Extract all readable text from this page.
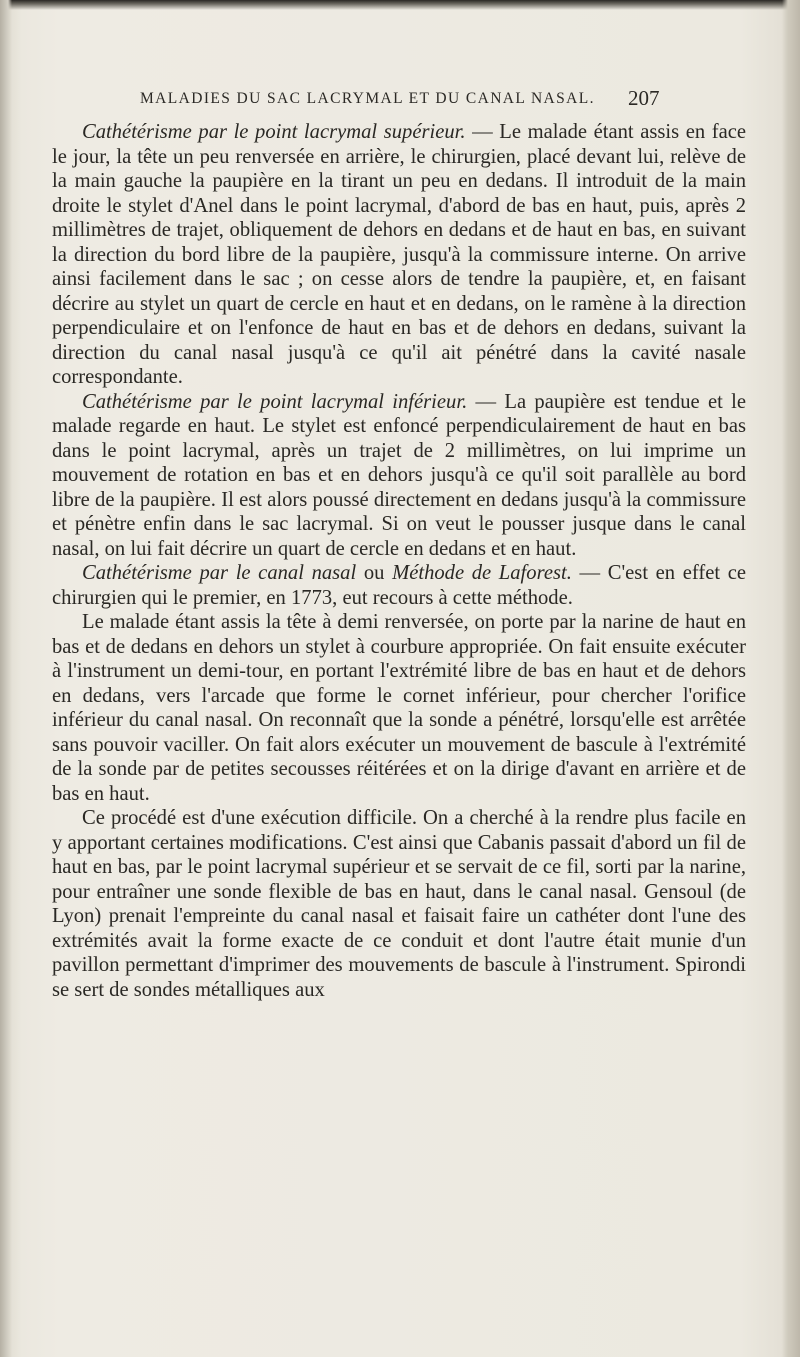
MALADIES DU SAC LACRYMAL ET DU CANAL NASAL. 207

Cathétérisme par le point lacrymal supérieur. — Le malade étant assis en face le jour, la tête un peu renversée en arrière, le chirurgien, placé devant lui, relève de la main gauche la paupière en la tirant un peu en dedans. Il introduit de la main droite le stylet d'Anel dans le point lacrymal, d'abord de bas en haut, puis, après 2 millimètres de trajet, obliquement de dehors en dedans et de haut en bas, en suivant la direction du bord libre de la paupière, jusqu'à la commissure interne. On arrive ainsi facilement dans le sac ; on cesse alors de tendre la paupière, et, en faisant décrire au stylet un quart de cercle en haut et en dedans, on le ramène à la direction perpendiculaire et on l'enfonce de haut en bas et de dehors en dedans, suivant la direction du canal nasal jusqu'à ce qu'il ait pénétré dans la cavité nasale correspondante.

Cathétérisme par le point lacrymal inférieur. — La paupière est tendue et le malade regarde en haut. Le stylet est enfoncé perpendiculairement de haut en bas dans le point lacrymal, après un trajet de 2 millimètres, on lui imprime un mouvement de rotation en bas et en dehors jusqu'à ce qu'il soit parallèle au bord libre de la paupière. Il est alors poussé directement en dedans jusqu'à la commissure et pénètre enfin dans le sac lacrymal. Si on veut le pousser jusque dans le canal nasal, on lui fait décrire un quart de cercle en dedans et en haut.

Cathétérisme par le canal nasal ou Méthode de Laforest. — C'est en effet ce chirurgien qui le premier, en 1773, eut recours à cette méthode.

Le malade étant assis la tête à demi renversée, on porte par la narine de haut en bas et de dedans en dehors un stylet à courbure appropriée. On fait ensuite exécuter à l'instrument un demi-tour, en portant l'extrémité libre de bas en haut et de dehors en dedans, vers l'arcade que forme le cornet inférieur, pour chercher l'orifice inférieur du canal nasal. On reconnaît que la sonde a pénétré, lorsqu'elle est arrêtée sans pouvoir vaciller. On fait alors exécuter un mouvement de bascule à l'extrémité de la sonde par de petites secousses réitérées et on la dirige d'avant en arrière et de bas en haut.

Ce procédé est d'une exécution difficile. On a cherché à la rendre plus facile en y apportant certaines modifications. C'est ainsi que Cabanis passait d'abord un fil de haut en bas, par le point lacrymal supérieur et se servait de ce fil, sorti par la narine, pour entraîner une sonde flexible de bas en haut, dans le canal nasal. Gensoul (de Lyon) prenait l'empreinte du canal nasal et faisait faire un cathéter dont l'une des extrémités avait la forme exacte de ce conduit et dont l'autre était munie d'un pavillon permettant d'imprimer des mouvements de bascule à l'instrument. Spirondi se sert de sondes métalliques aux
